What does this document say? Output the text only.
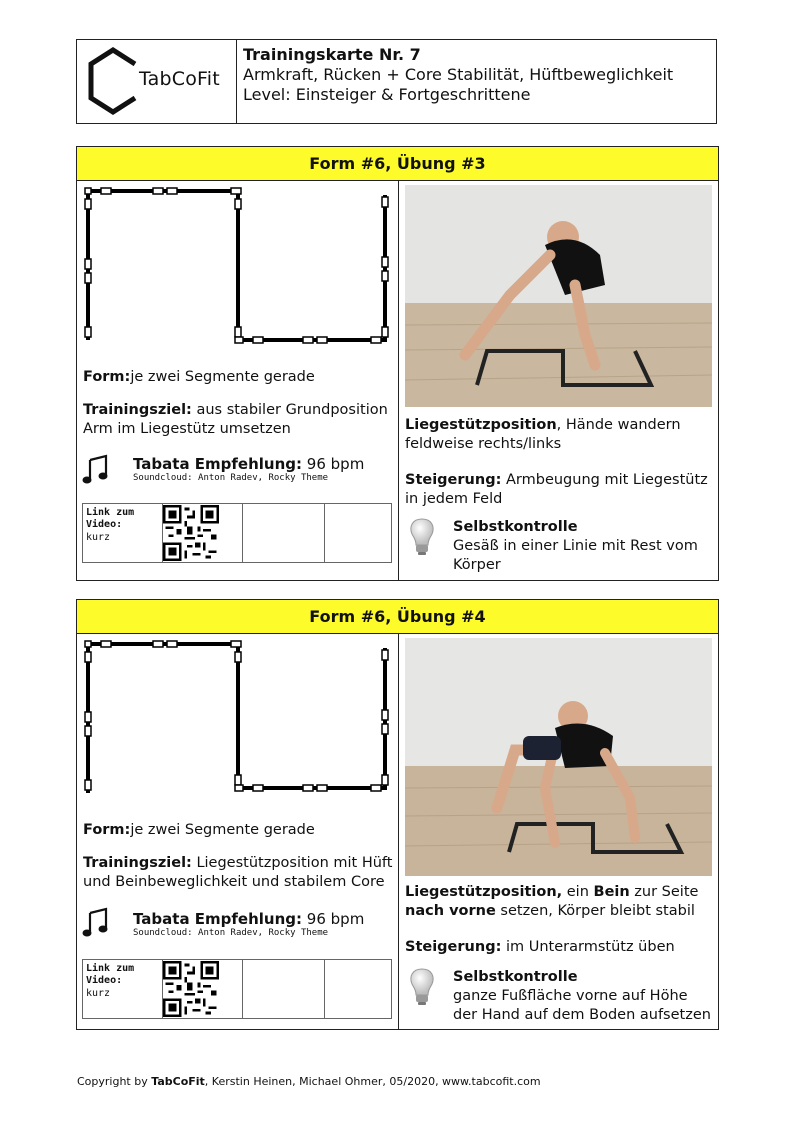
TabCoFit
Trainingskarte Nr. 7
Armkraft, Rücken + Core Stabilität, Hüftbeweglichkeit
Level: Einsteiger & Fortgeschrittene
Form #6, Übung #3
Form:je zwei Segmente gerade
Trainingsziel: aus stabiler Grundposition Arm im Liegestütz umsetzen
Tabata Empfehlung: 96 bpm
Soundcloud: Anton Radev, Rocky Theme
Link zum
Video:
kurz
Liegestützposition, Hände wandern feldweise rechts/links
Steigerung: Armbeugung mit Liegestütz in jedem Feld
Selbstkontrolle
Gesäß in einer Linie mit Rest vom Körper
Form #6, Übung #4
Form:je zwei Segmente gerade
Trainingsziel: Liegestützposition mit Hüft und Beinbeweglichkeit und stabilem Core
Tabata Empfehlung: 96 bpm
Soundcloud: Anton Radev, Rocky Theme
Link zum
Video:
kurz
Liegestützposition, ein Bein zur Seite nach vorne setzen, Körper bleibt stabil
Steigerung: im Unterarmstütz üben
Selbstkontrolle
ganze Fußfläche vorne auf Höhe der Hand auf dem Boden aufsetzen
Copyright by TabCoFit, Kerstin Heinen, Michael Ohmer, 05/2020, www.tabcofit.com
